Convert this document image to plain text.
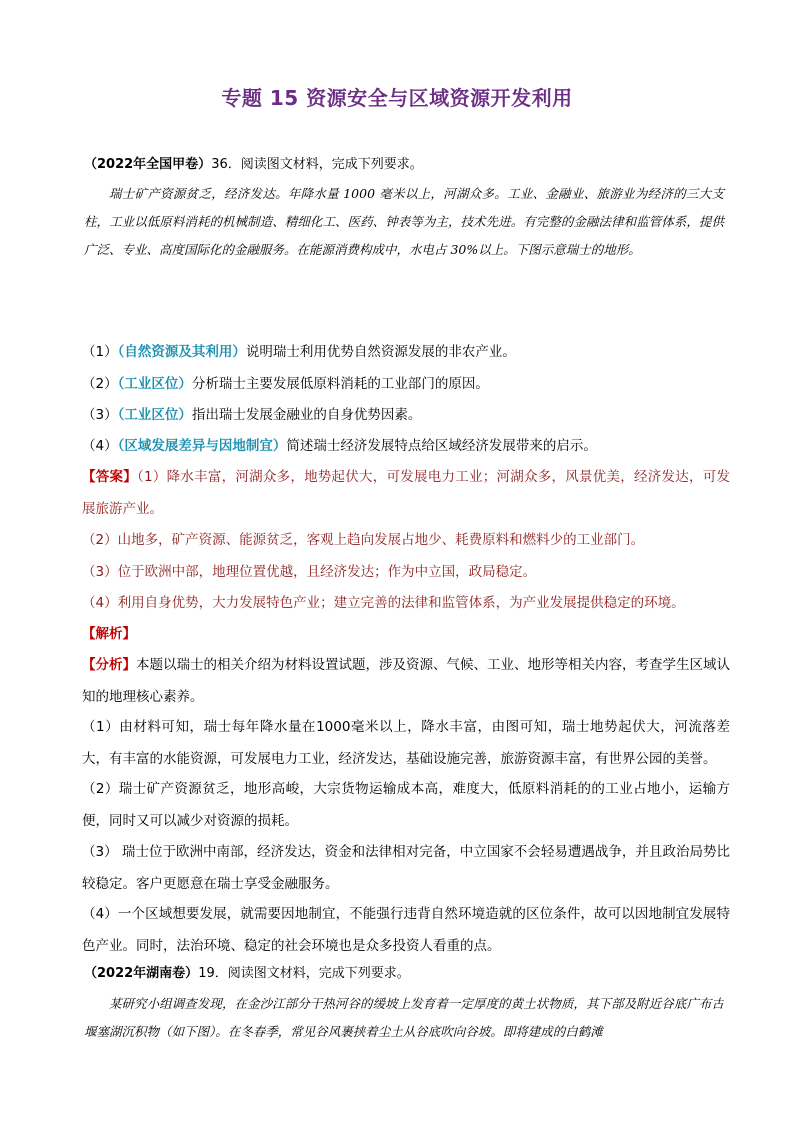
专题 15 资源安全与区域资源开发利用
（2022年全国甲卷）36．阅读图文材料，完成下列要求。
瑞士矿产资源贫乏，经济发达。年降水量 1000 毫米以上，河湖众多。工业、金融业、旅游业为经济的三大支柱，工业以低原料消耗的机械制造、精细化工、医药、钟表等为主，技术先进。有完整的金融法律和监管体系，提供广泛、专业、高度国际化的金融服务。在能源消费构成中，水电占 30%以上。下图示意瑞士的地形。
（1）（自然资源及其利用）说明瑞士利用优势自然资源发展的非农产业。
（2）（工业区位）分析瑞士主要发展低原料消耗的工业部门的原因。
（3）（工业区位）指出瑞士发展金融业的自身优势因素。
（4）（区域发展差异与因地制宜）简述瑞士经济发展特点给区域经济发展带来的启示。
【答案】（1）降水丰富，河湖众多，地势起伏大，可发展电力工业；河湖众多，风景优美，经济发达，可发展旅游产业。
（2）山地多，矿产资源、能源贫乏，客观上趋向发展占地少、耗费原料和燃料少的工业部门。
（3）位于欧洲中部，地理位置优越，且经济发达；作为中立国，政局稳定。
（4）利用自身优势，大力发展特色产业；建立完善的法律和监管体系，为产业发展提供稳定的环境。
【解析】
【分析】本题以瑞士的相关介绍为材料设置试题，涉及资源、气候、工业、地形等相关内容，考查学生区域认知的地理核心素养。
（1）由材料可知，瑞士每年降水量在1000毫米以上，降水丰富，由图可知，瑞士地势起伏大，河流落差大，有丰富的水能资源，可发展电力工业，经济发达，基础设施完善，旅游资源丰富，有世界公园的美誉。
（2）瑞士矿产资源贫乏，地形高峻，大宗货物运输成本高，难度大，低原料消耗的的工业占地小，运输方便，同时又可以减少对资源的损耗。
（3） 瑞士位于欧洲中南部，经济发达，资金和法律相对完备，中立国家不会轻易遭遇战争，并且政治局势比较稳定。客户更愿意在瑞士享受金融服务。
（4）一个区域想要发展，就需要因地制宜，不能强行违背自然环境造就的区位条件，故可以因地制宜发展特色产业。同时，法治环境、稳定的社会环境也是众多投资人看重的点。
（2022年湖南卷）19．阅读图文材料，完成下列要求。
某研究小组调查发现，在金沙江部分干热河谷的缓坡上发育着一定厚度的黄土状物质，其下部及附近谷底广布古堰塞湖沉积物（如下图）。在冬春季，常见谷风裹挟着尘土从谷底吹向谷坡。即将建成的白鹤滩
